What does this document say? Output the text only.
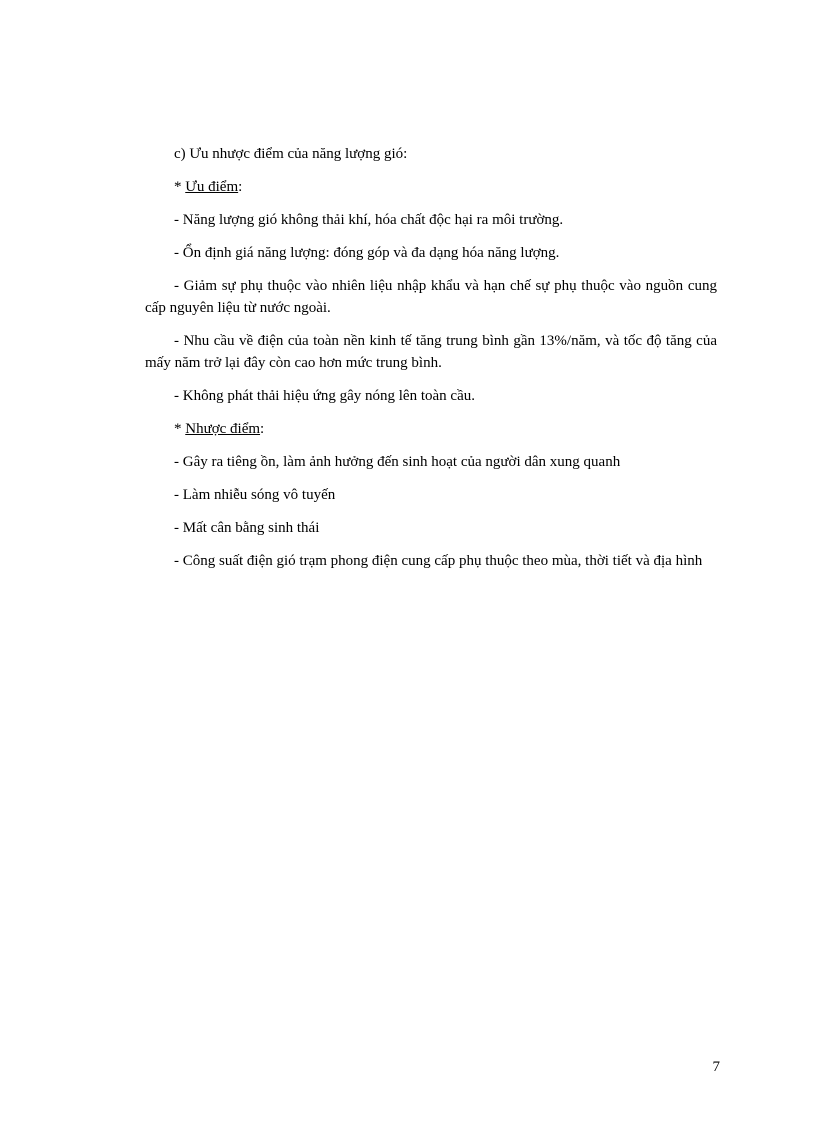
c) Ưu nhược điểm của năng lượng gió:

* Ưu điểm:

- Năng lượng gió không thải khí, hóa chất độc hại ra môi trường.

- Ổn định giá năng lượng: đóng góp và đa dạng hóa năng lượng.

- Giảm sự phụ thuộc vào nhiên liệu nhập khẩu và hạn chế sự phụ thuộc vào nguồn cung cấp nguyên liệu từ nước ngoài.

- Nhu cầu về điện của toàn nền kinh tế tăng trung bình gần 13%/năm, và tốc độ tăng của mấy năm trở lại đây còn cao hơn mức trung bình.

- Không phát thải hiệu ứng gây nóng lên toàn cầu.

* Nhược điểm:

- Gây ra tiêng ồn, làm ảnh hưởng đến sinh hoạt của người dân xung quanh

- Làm nhiễu sóng vô tuyến

- Mất cân bằng sinh thái

- Công suất điện gió trạm phong điện cung cấp phụ thuộc theo mùa, thời tiết và địa hình

7
